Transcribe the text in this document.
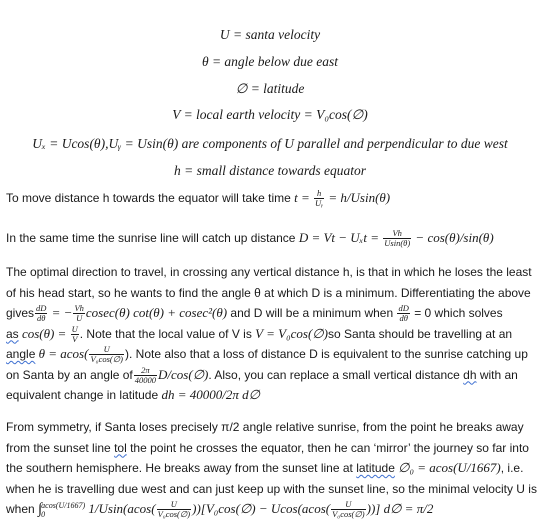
U = santa velocity
θ = angle below due east
∅ = latitude
V = local earth velocity = V₀cos(∅)
Uₓ = Ucos(θ),Uᵧ = Usin(θ) are components of U parallel and perpendicular to due west
h = small distance towards equator
To move distance h towards the equator will take time $t = \frac{h}{\text{Uᵧ}} = h/Usin(\theta)$
In the same time the sunrise line will catch up distance $D = Vt - U_xt = \frac{Vh}{Usin(\theta)} - \cos(\theta)/\sin(\theta)$
The optimal direction to travel, in crossing any vertical distance h, is that in which he loses the least
of his head start, so he wants to find the angle θ at which D is a minimum. Differentiating the above
gives $\frac{dD}{d\theta}$ = − $\frac{Vh}{U} cosec(\theta) \cot(\theta) + cosec^2(\theta)$ and D will be a minimum when $\frac{dD}{d\theta} = 0$ which solves
as $\cos(\theta) = \frac{U}{V}$ . Note that the local value of V is V = V₀cos(∅)so Santa should be travelling at an
angle $\theta = acos( \frac{U}{\text{V₀cos(∅)}}$ ). Note also that a loss of distance D is equivalent to the sunrise catching up
on Santa by an angle of $\frac{2\pi}{40000}$ D/cos(∅). Also, you can replace a small vertical distance dh with an
equivalent change in latitude dh = 40000/2π d∅
From symmetry, if Santa loses precisely π/2 angle relative sunrise, from the point he breaks away
from the sunset line tol the point he crosses the equator, then he can ‘mirror’ the journey so far into
the southern hemisphere. He breaks away from the sunset line at latitude ∅₀ = acos(U/1667), i.e.
when he is travelling due west and can just keep up with the sunset line, so the minimal velocity U is
when ∫ acos(U/1667)
0	$1/Usin(acos( \frac{U}{\text{V₀cos(∅)}}$ ))[V₀cos(∅) − $Ucos(acos( \frac{U}{\text{V₀cos(∅)}}$ ))] d∅ = π/2
